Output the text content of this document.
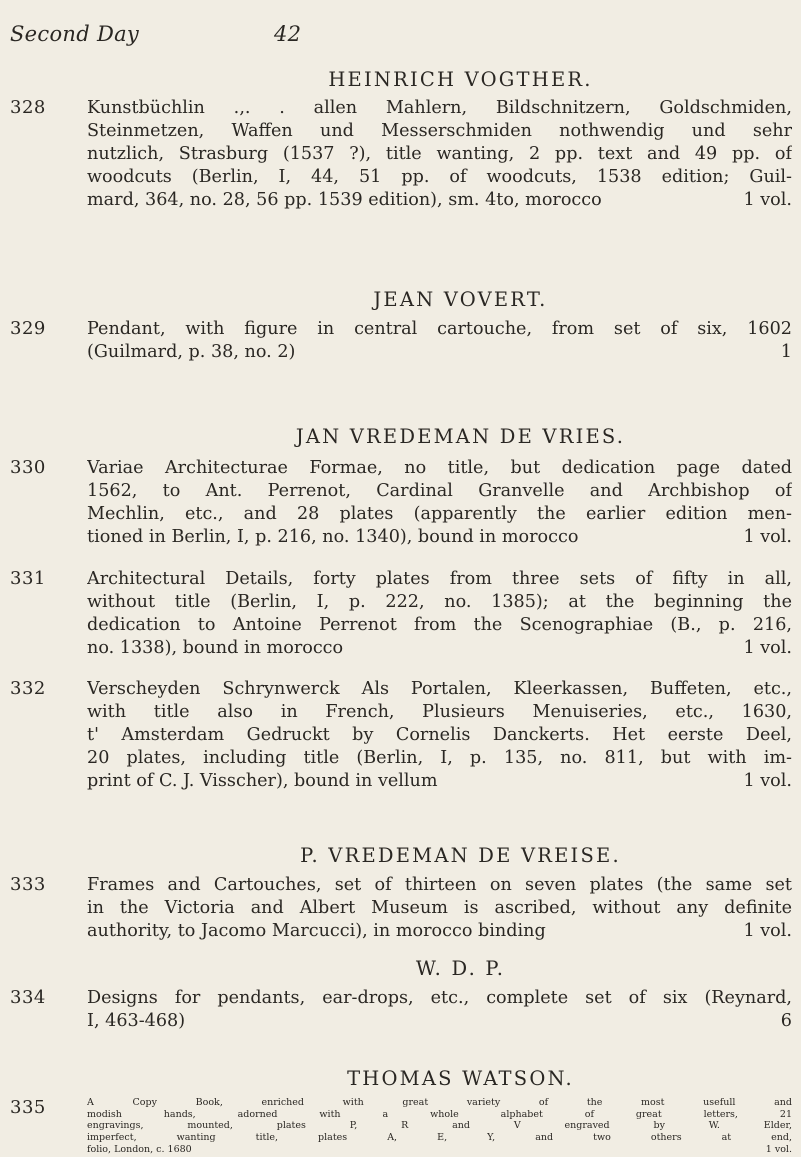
Second Day	42
HEINRICH VOGTHER.
328 Kunstbüchlin .‚. . allen Mahlern, Bildschnitzern, Goldschmiden,
Steinmetzen, Waffen und Messerschmiden nothwendig und sehr
nutzlich, Strasburg (1537 ?), title wanting, 2 pp. text and 49 pp. of
woodcuts (Berlin, I, 44, 51 pp. of woodcuts, 1538 edition; Guil-
mard, 364, no. 28, 56 pp. 1539 edition), sm. 4to, morocco	1 vol.
JEAN VOVERT.
329 Pendant, with figure in central cartouche, from set of six, 1602
(Guilmard, p. 38, no. 2)	1
JAN VREDEMAN DE VRIES.
330 Variae Architecturae Formae, no title, but dedication page dated
1562, to Ant. Perrenot, Cardinal Granvelle and Archbishop of
Mechlin, etc., and 28 plates (apparently the earlier edition men-
tioned in Berlin, I, p. 216, no. 1340), bound in morocco	1 vol.
331 Architectural Details, forty plates from three sets of fifty in all,
without title (Berlin, I, p. 222, no. 1385); at the beginning the
dedication to Antoine Perrenot from the Scenographiae (B., p. 216,
no. 1338), bound in morocco	1 vol.
332 Verscheyden Schrynwerck Als Portalen, Kleerkassen, Buffeten, etc.,
with title also in French, Plusieurs Menuiseries, etc., 1630,
t' Amsterdam Gedruckt by Cornelis Danckerts. Het eerste Deel,
20 plates, including title (Berlin, I, p. 135, no. 811, but with im-
print of C. J. Visscher), bound in vellum	1 vol.
P. VREDEMAN DE VREISE.
333 Frames and Cartouches, set of thirteen on seven plates (the same set
in the Victoria and Albert Museum is ascribed, without any definite
authority, to Jacomo Marcucci), in morocco binding	1 vol.
W. D. P.
334 Designs for pendants, ear-drops, etc., complete set of six (Reynard,
I, 463-468)	6
THOMAS WATSON.
335	A Copy Book, enriched with great variety of the most usefull and
modish hands, adorned with a whole alphabet of great letters, 21
engravings, mounted, plates P, R and V engraved by W. Elder,
imperfect, wanting title, plates A, E, Y, and two others at end,
folio, London, c. 1680	1 vol.
